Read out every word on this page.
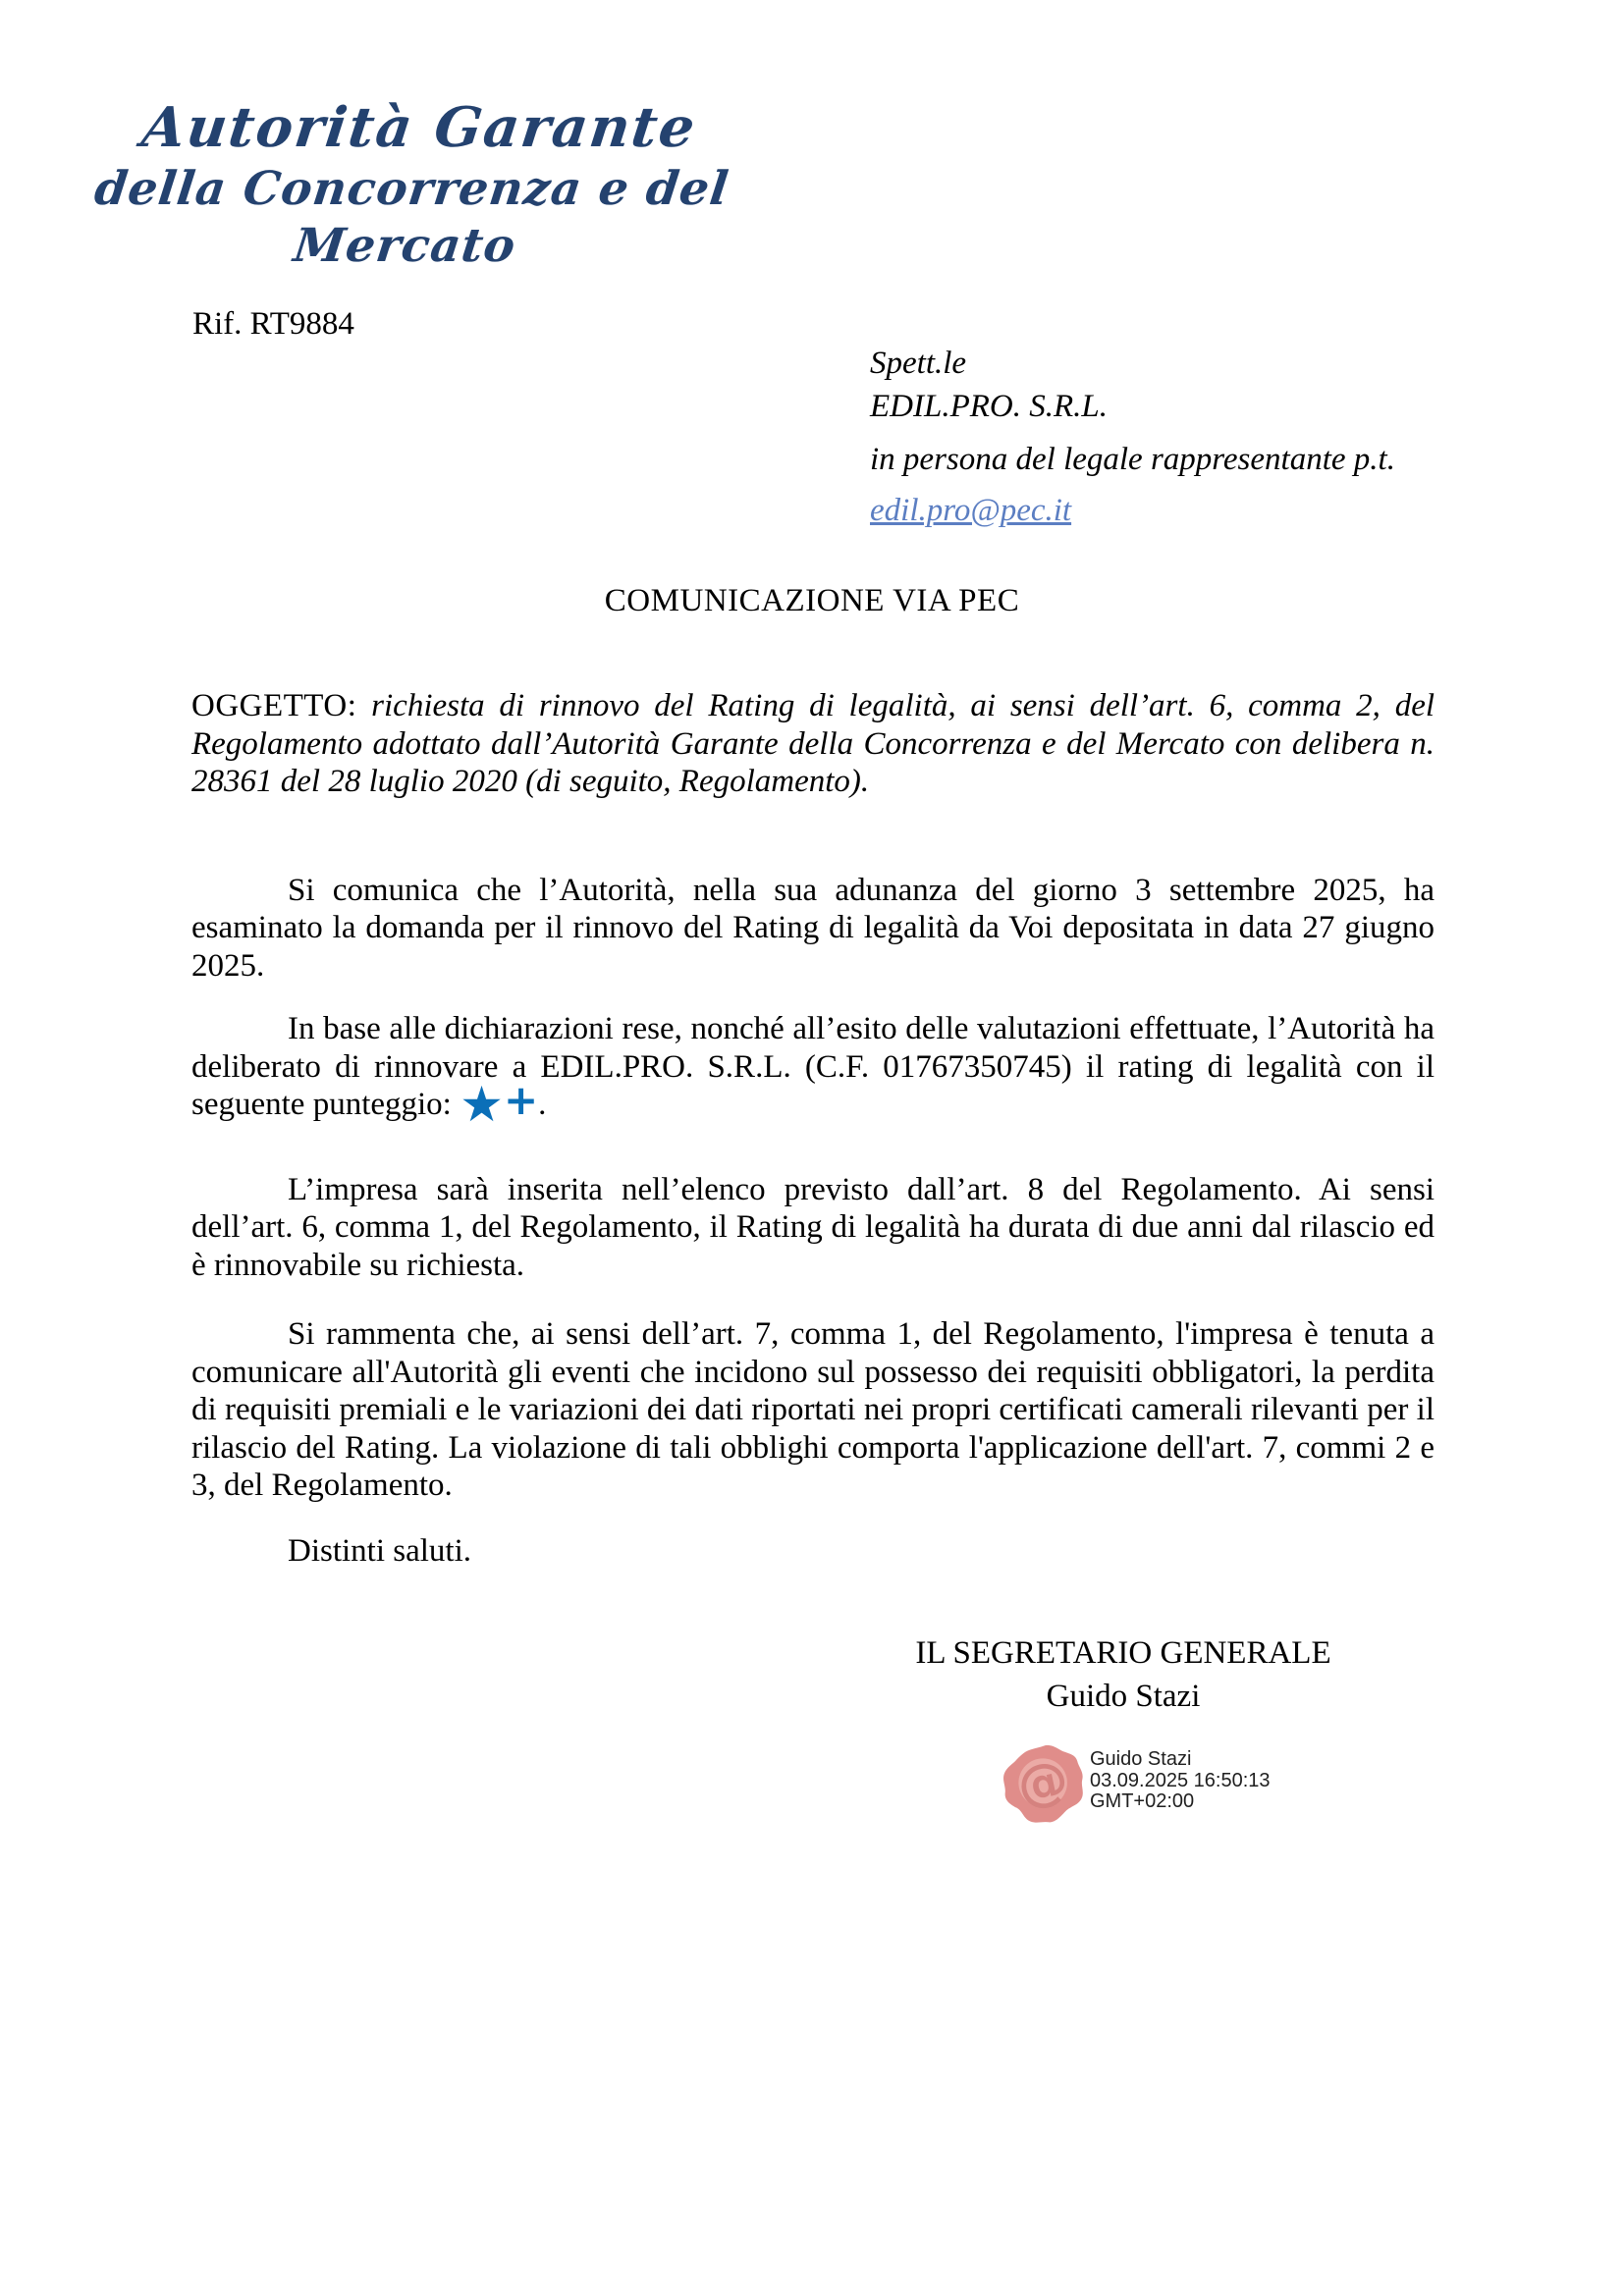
Autorità Garante
della Concorrenza e del Mercato
Rif. RT9884
Spett.le
EDIL.PRO. S.R.L.
in persona del legale rappresentante p.t.
edil.pro@pec.it
COMUNICAZIONE VIA PEC

OGGETTO: richiesta di rinnovo del Rating di legalità, ai sensi dell’art. 6, comma 2, del Regolamento adottato dall’Autorità Garante della Concorrenza e del Mercato con delibera n. 28361 del 28 luglio 2020 (di seguito, Regolamento).

Si comunica che l’Autorità, nella sua adunanza del giorno 3 settembre 2025, ha esaminato la domanda per il rinnovo del Rating di legalità da Voi depositata in data 27 giugno 2025.

In base alle dichiarazioni rese, nonché all’esito delle valutazioni effettuate, l’Autorità ha deliberato di rinnovare a EDIL.PRO. S.R.L. (C.F. 01767350745) il rating di legalità con il seguente punteggio: ★+.

L’impresa sarà inserita nell’elenco previsto dall’art. 8 del Regolamento. Ai sensi dell’art. 6, comma 1, del Regolamento, il Rating di legalità ha durata di due anni dal rilascio ed è rinnovabile su richiesta.

Si rammenta che, ai sensi dell’art. 7, comma 1, del Regolamento, l'impresa è tenuta a comunicare all'Autorità gli eventi che incidono sul possesso dei requisiti obbligatori, la perdita di requisiti premiali e le variazioni dei dati riportati nei propri certificati camerali rilevanti per il rilascio del Rating. La violazione di tali obblighi comporta l'applicazione dell'art. 7, commi 2 e 3, del Regolamento.

Distinti saluti.

IL SEGRETARIO GENERALE
Guido Stazi
@ Guido Stazi
03.09.2025 16:50:13
GMT+02:00
